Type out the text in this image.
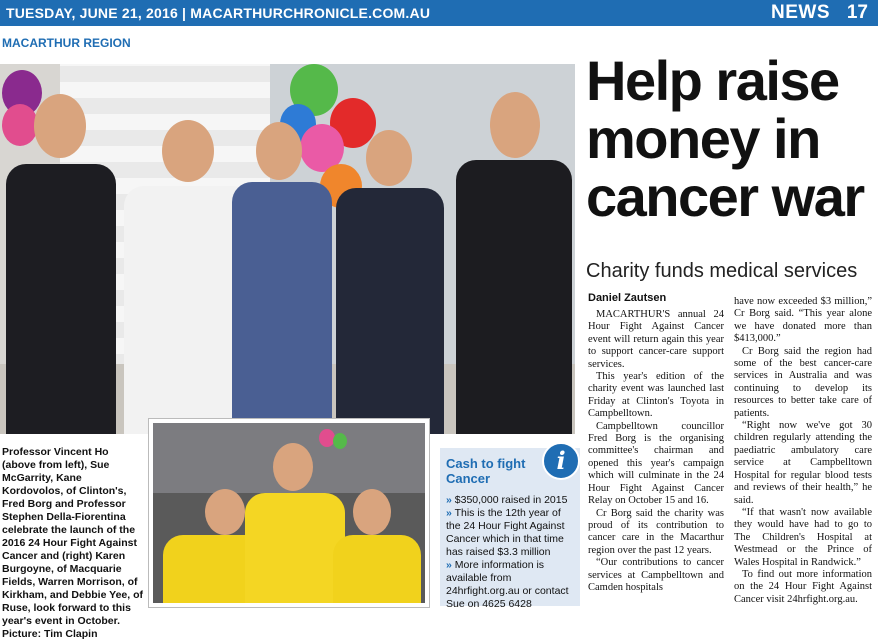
TUESDAY, JUNE 21, 2016 | MACARTHURCHRONICLE.COM.AU	NEWS 17
MACARTHUR REGION
Professor Vincent Ho (above from left), Sue McGarrity, Kane Kordovolos, of Clinton's, Fred Borg and Professor Stephen Della-Fiorentina celebrate the launch of the 2016 24 Hour Fight Against Cancer and (right) Karen Burgoyne, of Macquarie Fields, Warren Morrison, of Kirkham, and Debbie Yee, of Ruse, look forward to this year's event in October. Picture: Tim Clapin
Cash to fight Cancer
i
» $350,000 raised in 2015
» This is the 12th year of the 24 Hour Fight Against Cancer which in that time has raised $3.3 million
» More information is available from 24hrfight.org.au or contact Sue on 4625 6428
Help raise money in cancer war
Charity funds medical services
Daniel Zautsen

MACARTHUR'S annual 24 Hour Fight Against Cancer event will return again this year to support cancer-care support services.

This year's edition of the charity event was launched last Friday at Clinton's Toyota in Campbelltown.

Campbelltown councillor Fred Borg is the organising committee's chairman and opened this year's campaign which will culminate in the 24 Hour Fight Against Cancer Relay on October 15 and 16.

Cr Borg said the charity was proud of its contribution to cancer care in the Macarthur region over the past 12 years.

“Our contributions to cancer services at Campbelltown and Camden hospitals

have now exceeded $3 million,” Cr Borg said. “This year alone we have donated more than $413,000.”

Cr Borg said the region had some of the best cancer-care services in Australia and was continuing to develop its resources to better take care of patients.

“Right now we've got 30 children regularly attending the paediatric ambulatory care service at Campbelltown Hospital for regular blood tests and reviews of their health,” he said.

“If that wasn't now available they would have had to go to The Children's Hospital at Westmead or the Prince of Wales Hospital in Randwick.”

To find out more information on the 24 Hour Fight Against Cancer visit 24hrfight.org.au.
